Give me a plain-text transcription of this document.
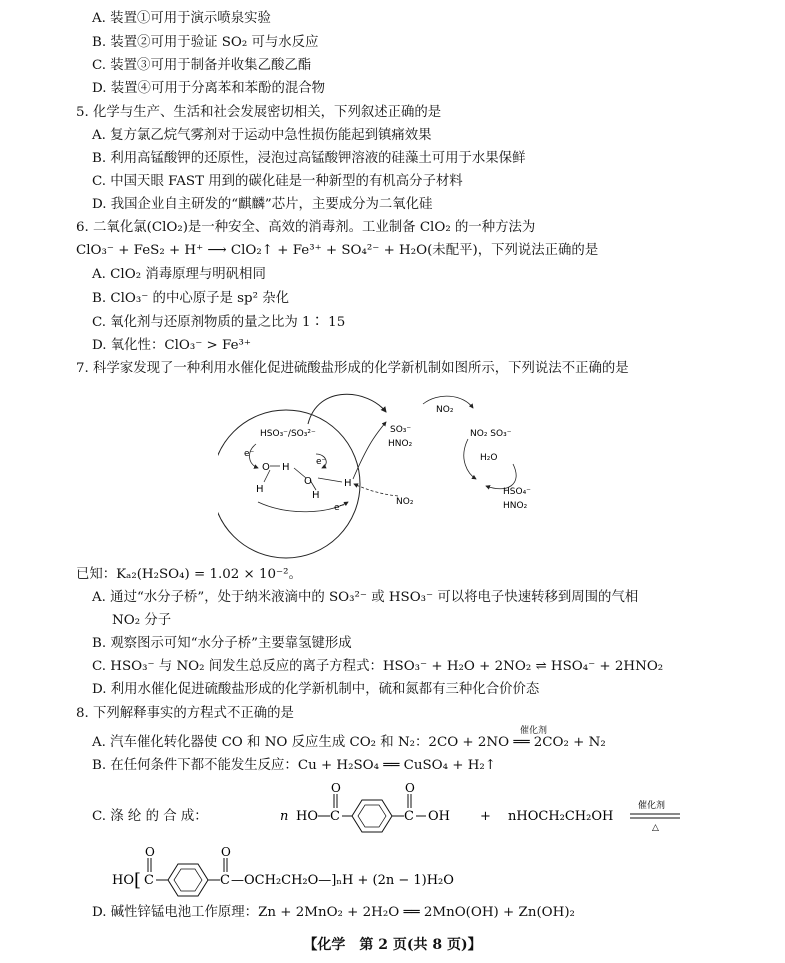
A. 装置①可用于演示喷泉实验
B. 装置②可用于验证 SO₂ 可与水反应
C. 装置③可用于制备并收集乙酸乙酯
D. 装置④可用于分离苯和苯酚的混合物
5. 化学与生产、生活和社会发展密切相关，下列叙述正确的是
A. 复方氯乙烷气雾剂对于运动中急性损伤能起到镇痛效果
B. 利用高锰酸钾的还原性，浸泡过高锰酸钾溶液的硅藻土可用于水果保鲜
C. 中国天眼 FAST 用到的碳化硅是一种新型的有机高分子材料
D. 我国企业自主研发的“麒麟”芯片，主要成分为二氧化硅
6. 二氧化氯(ClO₂)是一种安全、高效的消毒剂。工业制备 ClO₂ 的一种方法为
ClO₃⁻ + FeS₂ + H⁺ ⟶ ClO₂↑ + Fe³⁺ + SO₄²⁻ + H₂O(未配平)，下列说法正确的是
A. ClO₂ 消毒原理与明矾相同
B. ClO₃⁻ 的中心原子是 sp² 杂化
C. 氧化剂与还原剂物质的量之比为 1∶ 15
D. 氧化性：ClO₃⁻ > Fe³⁺
7. 科学家发现了一种利用水催化促进硫酸盐形成的化学新机制如图所示，下列说法不正确的是
HSO₃⁻/SO₃²⁻
e⁻
e⁻
e⁻
O H
H
O
H
H
NO₂
SO₃⁻
HNO₂
NO₂
NO₂ SO₃⁻
H₂O
HSO₄⁻
HNO₂
已知：Kₐ₂(H₂SO₄) = 1.02 × 10⁻²。
A. 通过“水分子桥”，处于纳米液滴中的 SO₃²⁻ 或 HSO₃⁻ 可以将电子快速转移到周围的气相
NO₂ 分子
B. 观察图示可知“水分子桥”主要靠氢键形成
C. HSO₃⁻ 与 NO₂ 间发生总反应的离子方程式：HSO₃⁻ + H₂O + 2NO₂ ⇌ HSO₄⁻ + 2HNO₂
D. 利用水催化促进硫酸盐形成的化学新机制中，硫和氮都有三种化合价价态
8. 下列解释事实的方程式不正确的是
催化剂
A. 汽车催化转化器使 CO 和 NO 反应生成 CO₂ 和 N₂：2CO + 2NO ══ 2CO₂ + N₂
B. 在任何条件下都不能发生反应：Cu + H₂SO₄ ══ CuSO₄ + H₂↑
C. 涤 纶 的 合 成：	n HO C
O
C
O
OH + nHOCH₂CH₂OH
催化剂
△
HO [ C
O
C
O
—OCH₂CH₂O—]ₙH + (2n − 1)H₂O
D. 碱性锌锰电池工作原理：Zn + 2MnO₂ + 2H₂O ══ 2MnO(OH) + Zn(OH)₂
【化学　第 2 页(共 8 页)】
